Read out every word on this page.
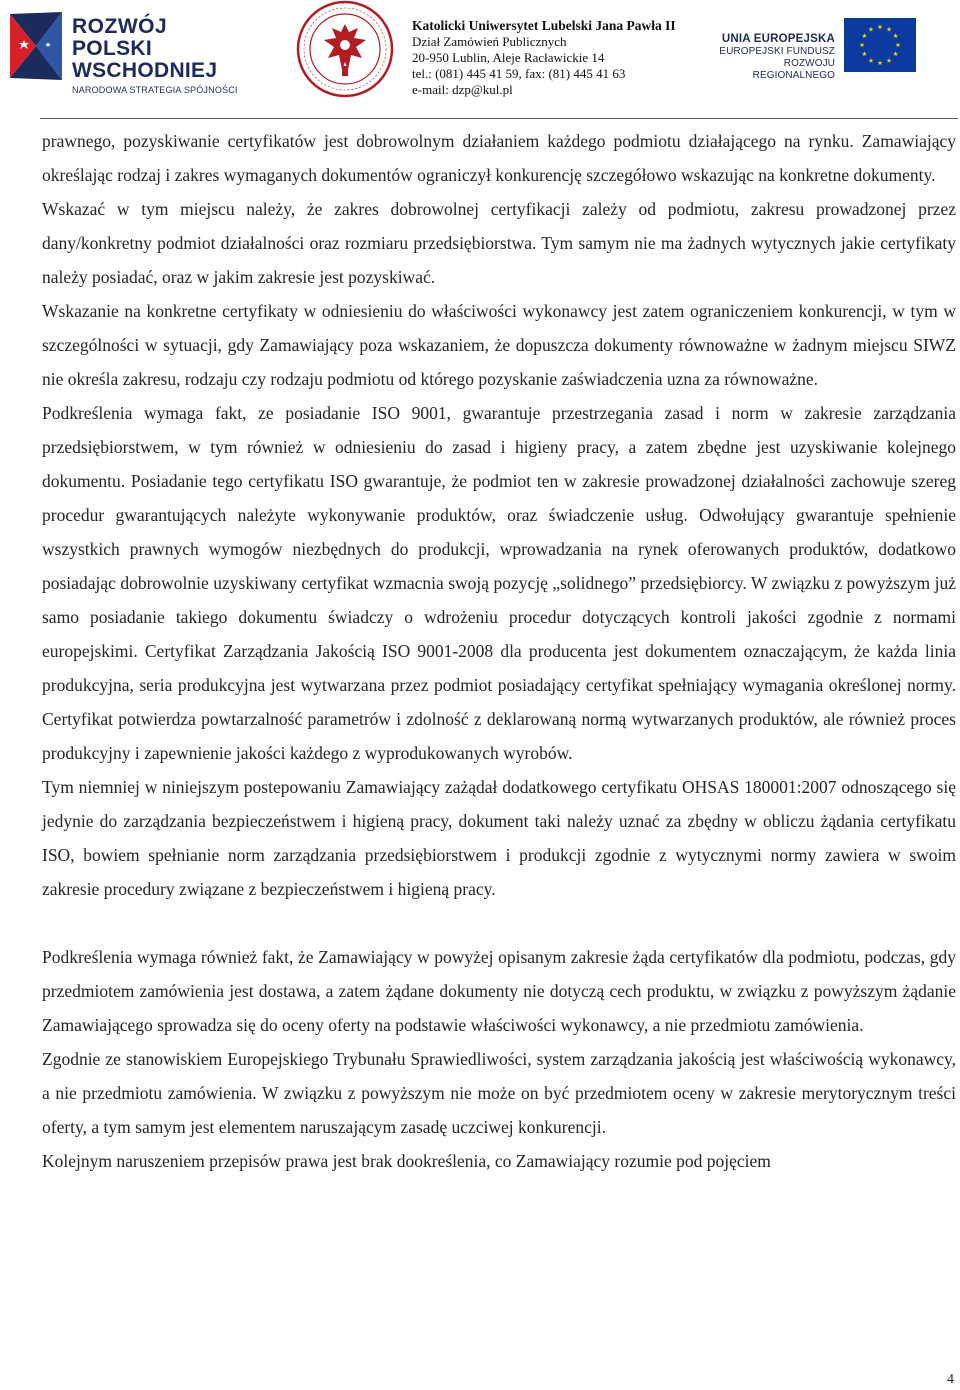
ROZWÓJ
POLSKI WSCHODNIEJ
NARODOWA STRATEGIA SPÓJNOŚCI
Katolicki Uniwersytet Lubelski Jana Pawła II
Dział Zamówień Publicznych
20-950 Lublin, Aleje Racławickie 14
tel.: (081) 445 41 59, fax: (81) 445 41 63
e-mail: dzp@kul.pl
UNIA EUROPEJSKA
EUROPEJSKI FUNDUSZ
ROZWOJU REGIONALNEGO

prawnego, pozyskiwanie certyfikatów jest dobrowolnym działaniem każdego podmiotu działającego na rynku. Zamawiający określając rodzaj i zakres wymaganych dokumentów ograniczył konkurencję szczegółowo wskazując na konkretne dokumenty.

Wskazać w tym miejscu należy, że zakres dobrowolnej certyfikacji zależy od podmiotu, zakresu prowadzonej przez dany/konkretny podmiot działalności oraz rozmiaru przedsiębiorstwa. Tym samym nie ma żadnych wytycznych jakie certyfikaty należy posiadać, oraz w jakim zakresie jest pozyskiwać.

Wskazanie na konkretne certyfikaty w odniesieniu do właściwości wykonawcy jest zatem ograniczeniem konkurencji, w tym w szczególności w sytuacji, gdy Zamawiający poza wskazaniem, że dopuszcza dokumenty równoważne w żadnym miejscu SIWZ nie określa zakresu, rodzaju czy rodzaju podmiotu od którego pozyskanie zaświadczenia uzna za równoważne.

Podkreślenia wymaga fakt, ze posiadanie ISO 9001, gwarantuje przestrzegania zasad i norm w zakresie zarządzania przedsiębiorstwem, w tym również w odniesieniu do zasad i higieny pracy, a zatem zbędne jest uzyskiwanie kolejnego dokumentu. Posiadanie tego certyfikatu ISO gwarantuje, że podmiot ten w zakresie prowadzonej działalności zachowuje szereg procedur gwarantujących należyte wykonywanie produktów, oraz świadczenie usług. Odwołujący gwarantuje spełnienie wszystkich prawnych wymogów niezbędnych do produkcji, wprowadzania na rynek oferowanych produktów, dodatkowo posiadając dobrowolnie uzyskiwany certyfikat wzmacnia swoją pozycję „solidnego” przedsiębiorcy. W związku z powyższym już samo posiadanie takiego dokumentu świadczy o wdrożeniu procedur dotyczących kontroli jakości zgodnie z normami europejskimi. Certyfikat Zarządzania Jakością ISO 9001-2008 dla producenta jest dokumentem oznaczającym, że każda linia produkcyjna, seria produkcyjna jest wytwarzana przez podmiot posiadający certyfikat spełniający wymagania określonej normy. Certyfikat potwierdza powtarzalność parametrów i zdolność z deklarowaną normą wytwarzanych produktów, ale również proces produkcyjny i zapewnienie jakości każdego z wyprodukowanych wyrobów.

Tym niemniej w niniejszym postepowaniu Zamawiający zażądał dodatkowego certyfikatu OHSAS 180001:2007 odnoszącego się jedynie do zarządzania bezpieczeństwem i higieną pracy, dokument taki należy uznać za zbędny w obliczu żądania certyfikatu ISO, bowiem spełnianie norm zarządzania przedsiębiorstwem i produkcji zgodnie z wytycznymi normy zawiera w swoim zakresie procedury związane z bezpieczeństwem i higieną pracy.

Podkreślenia wymaga również fakt, że Zamawiający w powyżej opisanym zakresie żąda certyfikatów dla podmiotu, podczas, gdy przedmiotem zamówienia jest dostawa, a zatem żądane dokumenty nie dotyczą cech produktu, w związku z powyższym żądanie Zamawiającego sprowadza się do oceny oferty na podstawie właściwości wykonawcy, a nie przedmiotu zamówienia.

Zgodnie ze stanowiskiem Europejskiego Trybunału Sprawiedliwości, system zarządzania jakością jest właściwością wykonawcy, a nie przedmiotu zamówienia. W związku z powyższym nie może on być przedmiotem oceny w zakresie merytorycznym treści oferty, a tym samym jest elementem naruszającym zasadę uczciwej konkurencji.

Kolejnym naruszeniem przepisów prawa jest brak dookreślenia, co Zamawiający rozumie pod pojęciem

4
